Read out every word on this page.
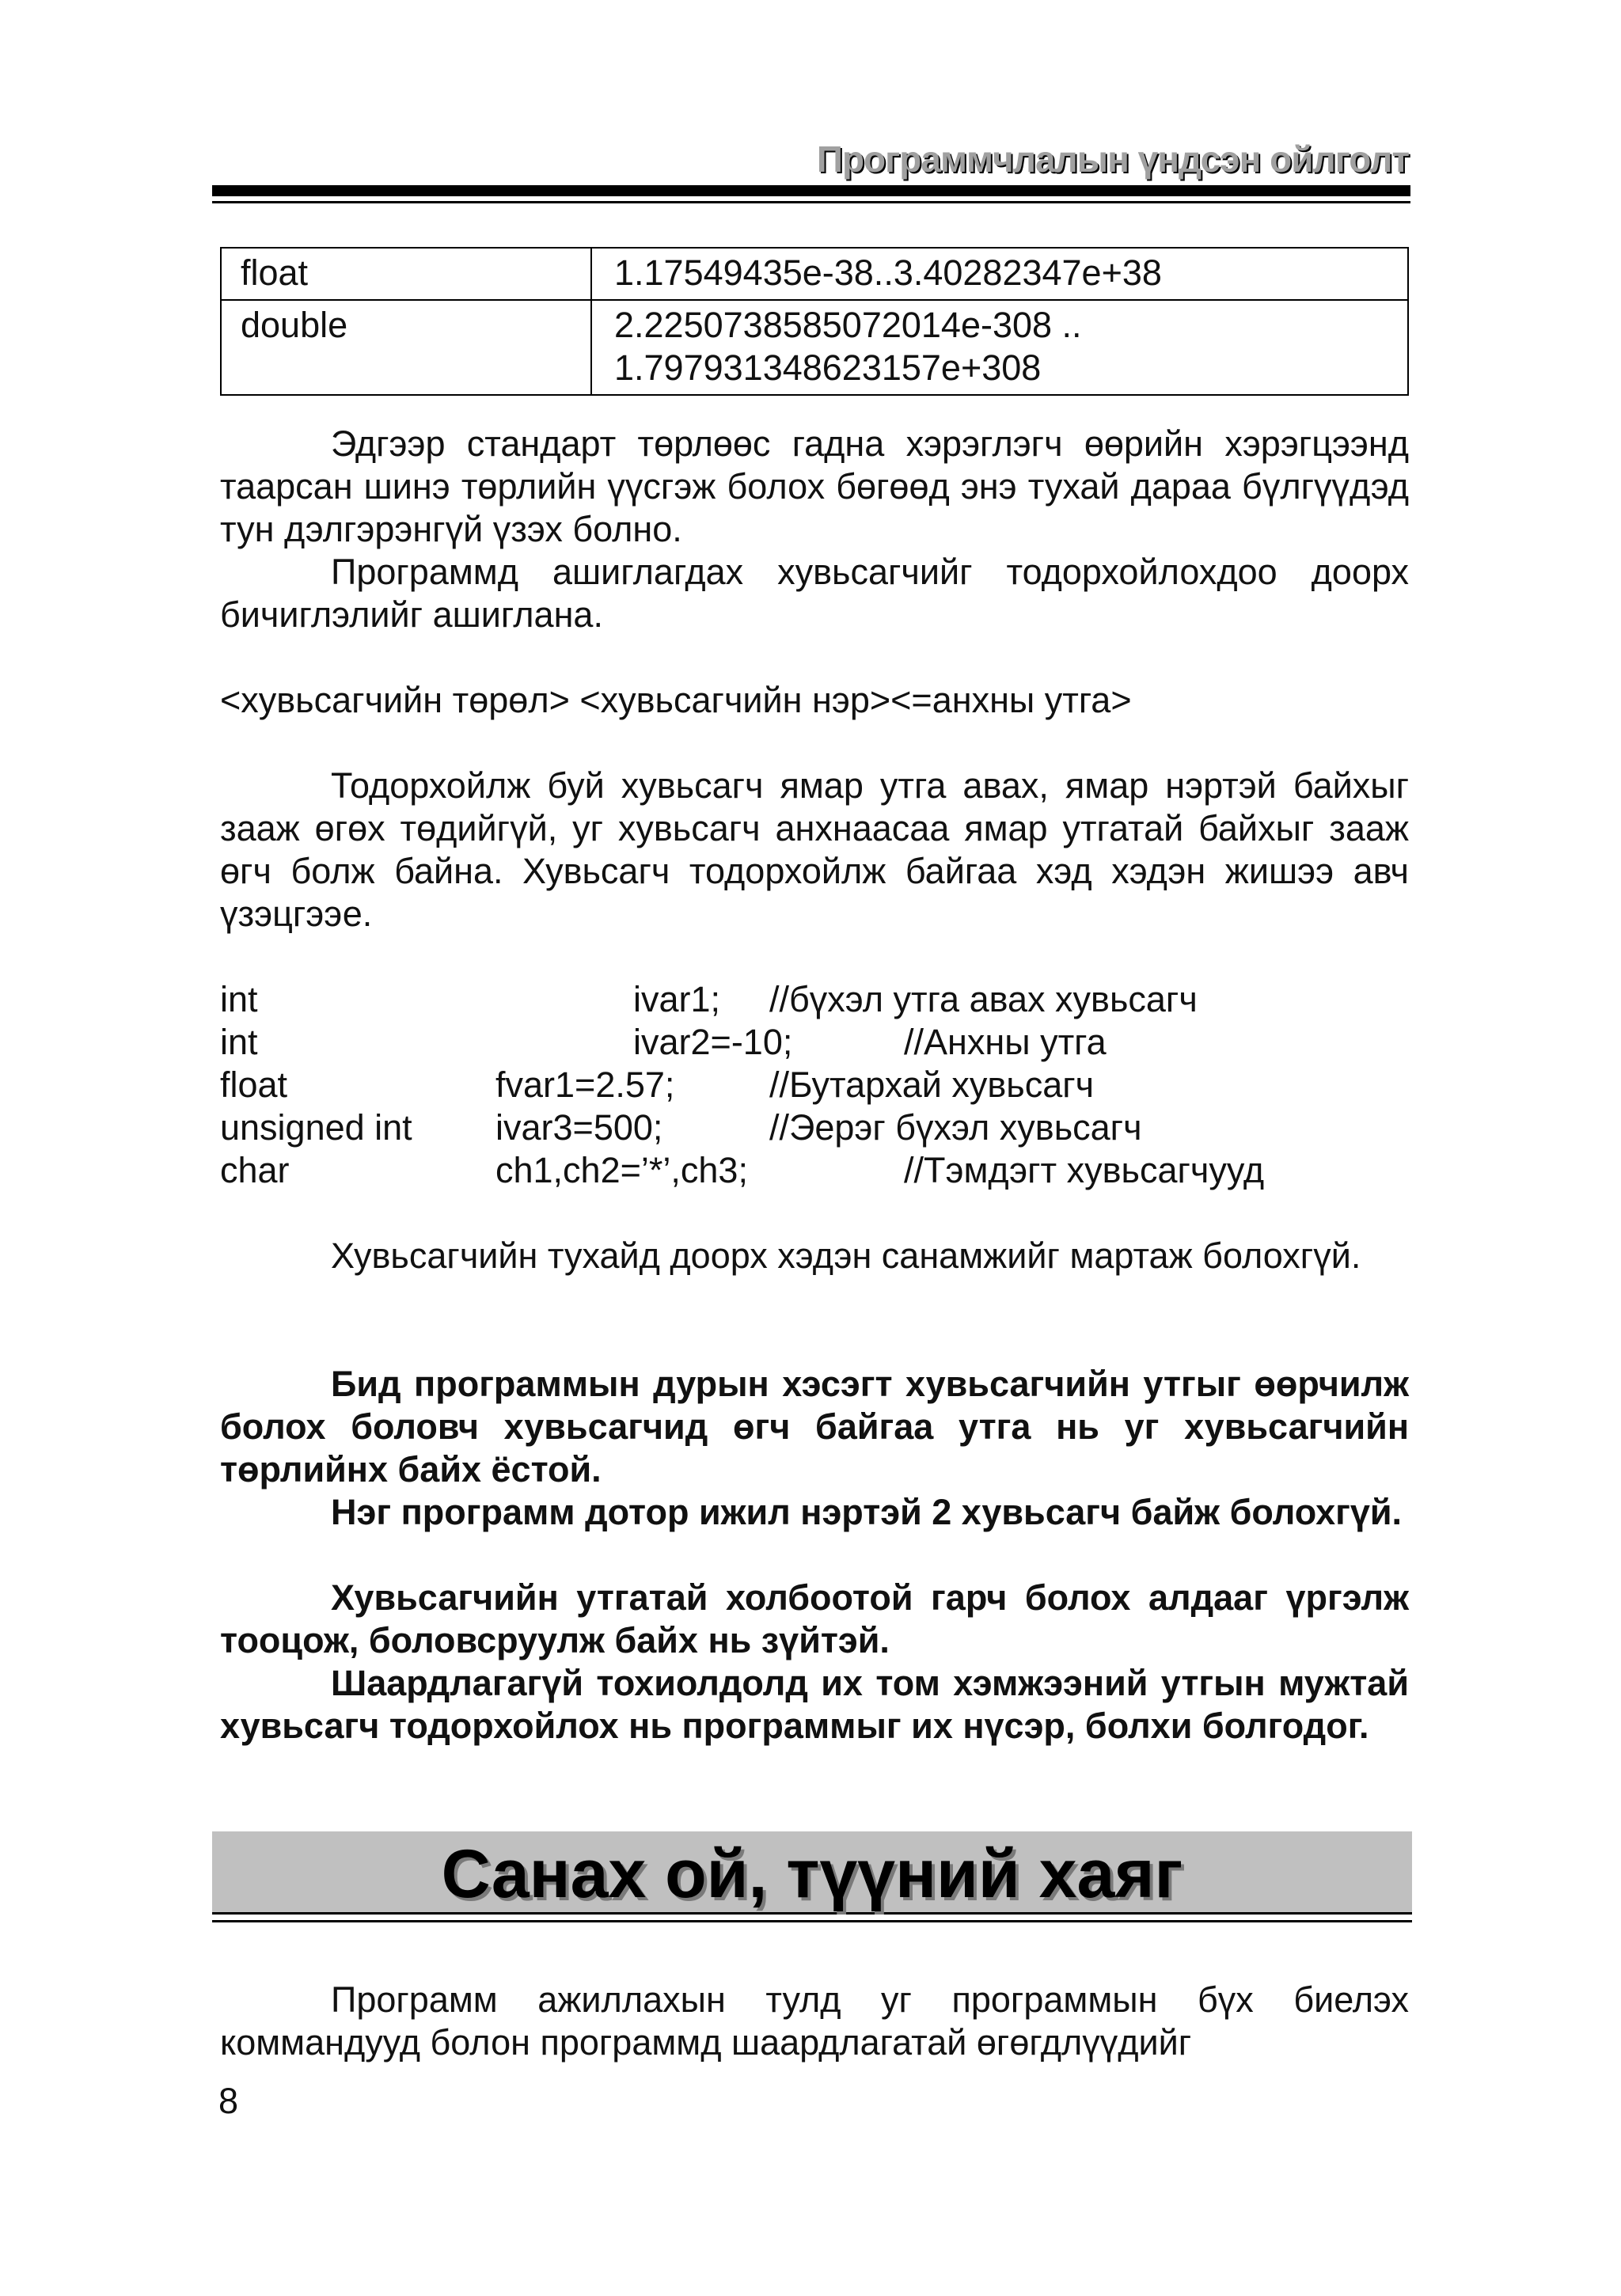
Программчлалын үндсэн ойлголт
float	1.17549435e-38..3.40282347e+38
double	2.2250738585072014e-308 ..
1.797931348623157e+308

Эдгээр стандарт төрлөөс гадна хэрэглэгч өөрийн хэрэгцээнд таарсан шинэ төрлийн үүсгэж болох бөгөөд энэ тухай дараа бүлгүүдэд тун дэлгэрэнгүй үзэх болно.

Программд ашиглагдах хувьсагчийг тодорхойлохдоо доорх бичиглэлийг ашиглана.

<хувьсагчийн төрөл> <хувьсагчийн нэр><=анхны утга>

Тодорхойлж буй хувьсагч ямар утга авах, ямар нэртэй байхыг зааж өгөх төдийгүй, уг хувьсагч анхнаасаа ямар утгатай байхыг зааж өгч болж байна. Хувьсагч тодорхойлж байгаа хэд хэдэн жишээ авч үзэцгээе.

int	ivar1; //бүхэл утга авах хувьсагч
int	ivar2=-10;	//Анхны утга
float	fvar1=2.57;	//Бутархай хувьсагч
unsigned int ivar3=500;	//Эерэг бүхэл хувьсагч
char	ch1,ch2=’*’,ch3;	//Тэмдэгт хувьсагчууд

Хувьсагчийн тухайд доорх хэдэн санамжийг мартаж болохгүй.

Бид программын дурын хэсэгт хувьсагчийн утгыг өөрчилж болох боловч хувьсагчид өгч байгаа утга нь уг хувьсагчийн төрлийнх байх ёстой.

Нэг программ дотор ижил нэртэй 2 хувьсагч байж болохгүй.

Хувьсагчийн утгатай холбоотой гарч болох алдааг үргэлж тооцож, боловсруулж байх нь зүйтэй.

Шаардлагагүй тохиолдолд их том хэмжээний утгын мужтай хувьсагч тодорхойлох нь программыг их нүсэр, болхи болгодог.

Санах ой, түүний хаяг

Программ ажиллахын тулд уг программын бүх биелэх коммандууд болон программд шаардлагатай өгөгдлүүдийг

8
